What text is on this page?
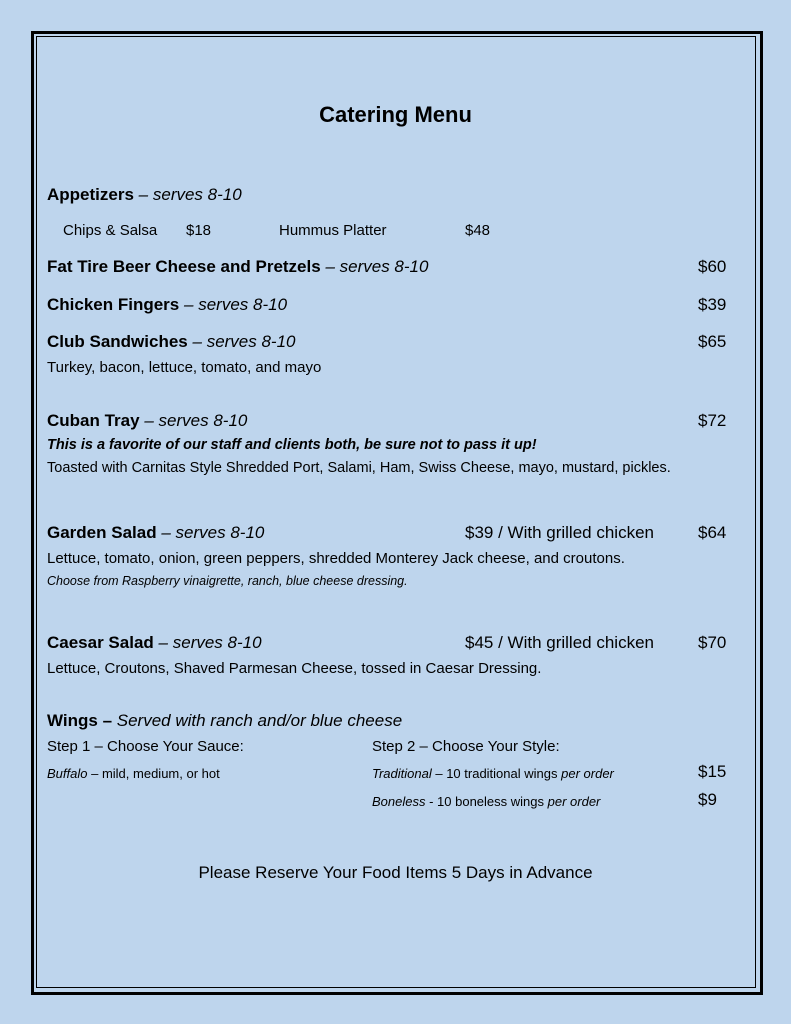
Catering Menu
Appetizers – serves 8-10
Chips & Salsa $18	Hummus Platter	$48
Fat Tire Beer Cheese and Pretzels – serves 8-10	$60
Chicken Fingers – serves 8-10	$39
Club Sandwiches – serves 8-10	$65
Turkey, bacon, lettuce, tomato, and mayo
Cuban Tray – serves 8-10	$72
This is a favorite of our staff and clients both, be sure not to pass it up!
Toasted with Carnitas Style Shredded Port, Salami, Ham, Swiss Cheese, mayo, mustard, pickles.
Garden Salad – serves 8-10	$39 / With grilled chicken	$64
Lettuce, tomato, onion, green peppers, shredded Monterey Jack cheese, and croutons.
Choose from Raspberry vinaigrette, ranch, blue cheese dressing.
Caesar Salad – serves 8-10	$45 / With grilled chicken	$70
Lettuce, Croutons, Shaved Parmesan Cheese, tossed in Caesar Dressing.
Wings – Served with ranch and/or blue cheese
Step 1 – Choose Your Sauce:	Step 2 – Choose Your Style:
Buffalo – mild, medium, or hot	Traditional – 10 traditional wings per order	$15
Boneless - 10 boneless wings per order	$9
Please Reserve Your Food Items 5 Days in Advance
